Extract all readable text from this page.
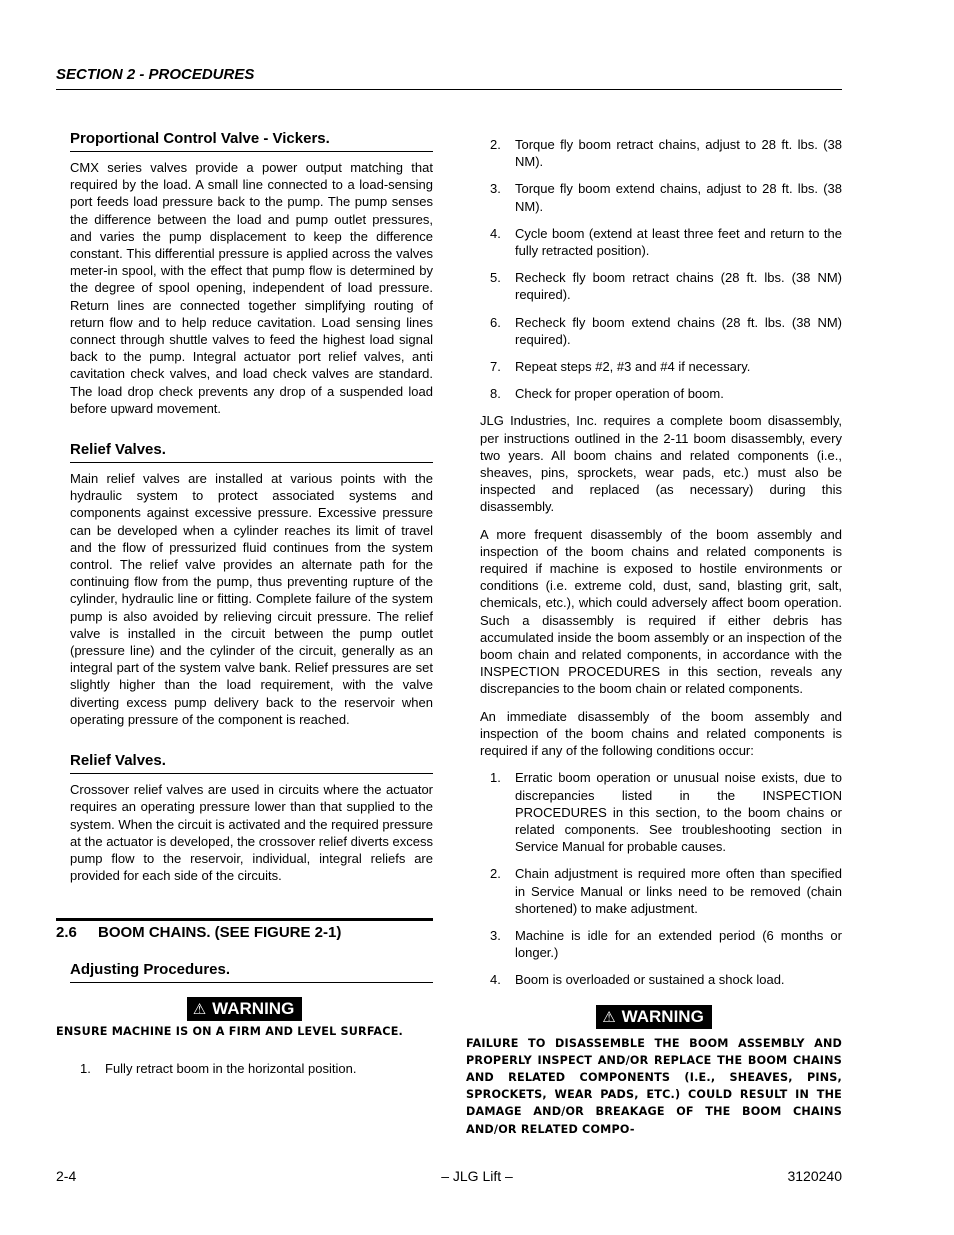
SECTION 2 - PROCEDURES
Proportional Control Valve - Vickers.
CMX series valves provide a power output matching that required by the load. A small line connected to a load-sensing port feeds load pressure back to the pump. The pump senses the difference between the load and pump outlet pressures, and varies the pump displacement to keep the difference constant. This differential pressure is applied across the valves meter-in spool, with the effect that pump flow is determined by the degree of spool opening, independent of load pressure. Return lines are connected together simplifying routing of return flow and to help reduce cavitation. Load sensing lines connect through shuttle valves to feed the highest load signal back to the pump. Integral actuator port relief valves, anti cavitation check valves, and load check valves are standard. The load drop check prevents any drop of a suspended load before upward movement.
Relief Valves.
Main relief valves are installed at various points with the hydraulic system to protect associated systems and components against excessive pressure. Excessive pressure can be developed when a cylinder reaches its limit of travel and the flow of pressurized fluid continues from the system control. The relief valve provides an alternate path for the continuing flow from the pump, thus preventing rupture of the cylinder, hydraulic line or fitting. Complete failure of the system pump is also avoided by relieving circuit pressure. The relief valve is installed in the circuit between the pump outlet (pressure line) and the cylinder of the circuit, generally as an integral part of the system valve bank. Relief pressures are set slightly higher than the load requirement, with the valve diverting excess pump delivery back to the reservoir when operating pressure of the component is reached.
Relief Valves.
Crossover relief valves are used in circuits where the actuator requires an operating pressure lower than that supplied to the system. When the circuit is activated and the required pressure at the actuator is developed, the crossover relief diverts excess pump flow to the reservoir, individual, integral reliefs are provided for each side of the circuits.
2.6	BOOM CHAINS. (SEE FIGURE 2-1)
Adjusting Procedures.
⚠ WARNING
ENSURE MACHINE IS ON A FIRM AND LEVEL SURFACE.
1.	Fully retract boom in the horizontal position.
2.	Torque fly boom retract chains, adjust to 28 ft. lbs. (38 NM).
3.	Torque fly boom extend chains, adjust to 28 ft. lbs. (38 NM).
4.	Cycle boom (extend at least three feet and return to the fully retracted position).
5.	Recheck fly boom retract chains (28 ft. lbs. (38 NM) required).
6.	Recheck fly boom extend chains (28 ft. lbs. (38 NM) required).
7.	Repeat steps #2, #3 and #4 if necessary.
8.	Check for proper operation of boom.
JLG Industries, Inc. requires a complete boom disassembly, per instructions outlined in the 2-11 boom disassembly, every two years. All boom chains and related components (i.e., sheaves, pins, sprockets, wear pads, etc.) must also be inspected and replaced (as necessary) during this disassembly.
A more frequent disassembly of the boom assembly and inspection of the boom chains and related components is required if machine is exposed to hostile environments or conditions (i.e. extreme cold, dust, sand, blasting grit, salt, chemicals, etc.), which could adversely affect boom operation. Such a disassembly is required if either debris has accumulated inside the boom assembly or an inspection of the boom chain and related components, in accordance with the INSPECTION PROCEDURES in this section, reveals any discrepancies to the boom chain or related components.
An immediate disassembly of the boom assembly and inspection of the boom chains and related components is required if any of the following conditions occur:
1.	Erratic boom operation or unusual noise exists, due to discrepancies listed in the INSPECTION PROCEDURES in this section, to the boom chains or related components. See troubleshooting section in Service Manual for probable causes.
2.	Chain adjustment is required more often than specified in Service Manual or links need to be removed (chain shortened) to make adjustment.
3.	Machine is idle for an extended period (6 months or longer.)
4.	Boom is overloaded or sustained a shock load.
⚠ WARNING
FAILURE TO DISASSEMBLE THE BOOM ASSEMBLY AND PROPERLY INSPECT AND/OR REPLACE THE BOOM CHAINS AND RELATED COMPONENTS (I.E., SHEAVES, PINS, SPROCKETS, WEAR PADS, ETC.) COULD RESULT IN THE DAMAGE AND/OR BREAKAGE OF THE BOOM CHAINS AND/OR RELATED COMPO-
2-4	– JLG Lift –	3120240
